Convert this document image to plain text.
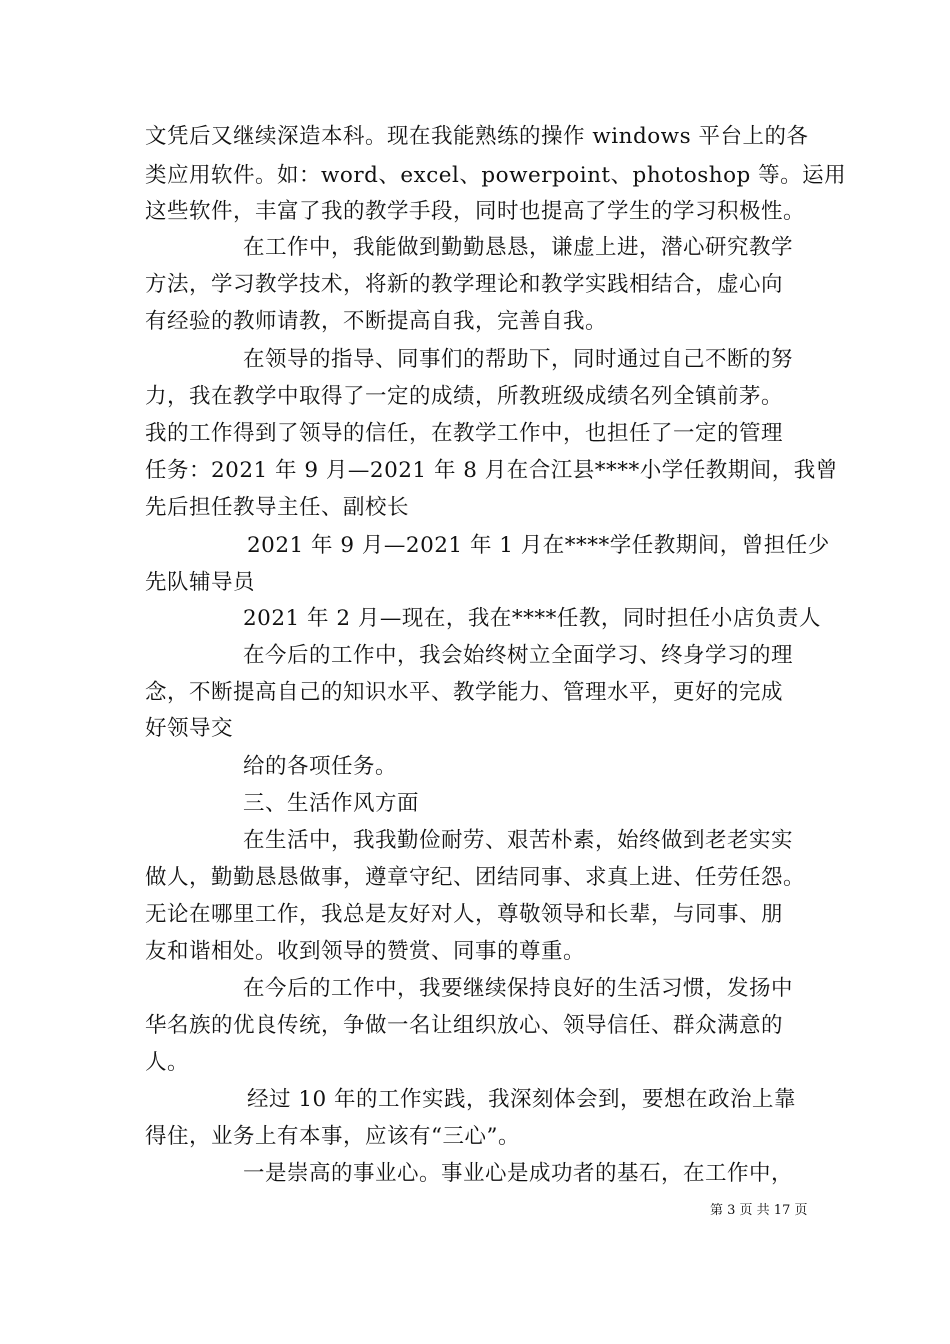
文凭后又继续深造本科。现在我能熟练的操作 windows 平台上的各
类应用软件。如：word、excel、powerpoint、photoshop 等。运用
这些软件，丰富了我的教学手段，同时也提高了学生的学习积极性。
在工作中，我能做到勤勤恳恳，谦虚上进，潜心研究教学
方法，学习教学技术，将新的教学理论和教学实践相结合，虚心向
有经验的教师请教，不断提高自我，完善自我。
在领导的指导、同事们的帮助下，同时通过自己不断的努
力，我在教学中取得了一定的成绩，所教班级成绩名列全镇前茅。
我的工作得到了领导的信任，在教学工作中，也担任了一定的管理
任务：2021 年 9 月—2021 年 8 月在合江县****小学任教期间，我曾
先后担任教导主任、副校长
2021 年 9 月—2021 年 1 月在****学任教期间，曾担任少
先队辅导员
2021 年 2 月—现在，我在****任教，同时担任小店负责人
在今后的工作中，我会始终树立全面学习、终身学习的理
念，不断提高自己的知识水平、教学能力、管理水平，更好的完成
好领导交
给的各项任务。
三、生活作风方面
在生活中，我我勤俭耐劳、艰苦朴素，始终做到老老实实
做人，勤勤恳恳做事，遵章守纪、团结同事、求真上进、任劳任怨。
无论在哪里工作，我总是友好对人，尊敬领导和长辈，与同事、朋
友和谐相处。收到领导的赞赏、同事的尊重。
在今后的工作中，我要继续保持良好的生活习惯，发扬中
华名族的优良传统，争做一名让组织放心、领导信任、群众满意的
人。
经过 10 年的工作实践，我深刻体会到，要想在政治上靠
得住，业务上有本事，应该有“三心”。
一是崇高的事业心。事业心是成功者的基石，在工作中，
第 3 页 共 17 页
